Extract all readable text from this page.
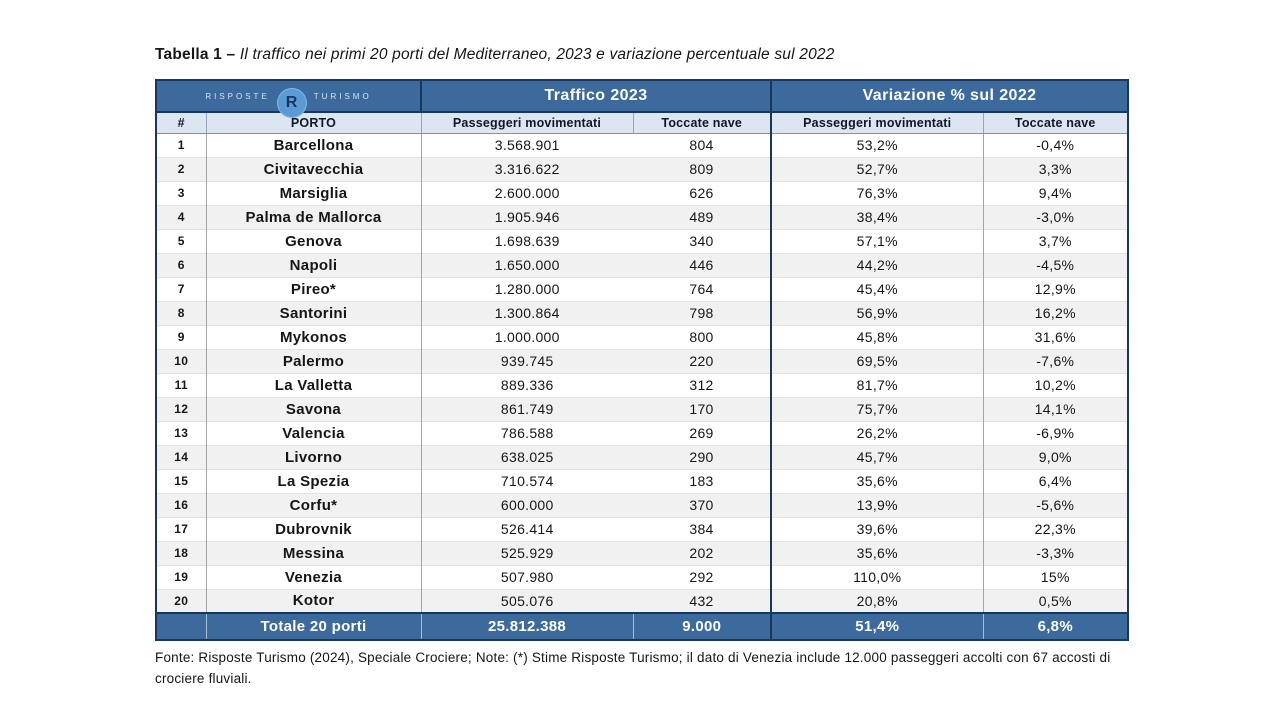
Tabella 1 – Il traffico nei primi 20 porti del Mediterraneo, 2023 e variazione percentuale sul 2022
RISPOSTE R TURISMO		Traffico 2023		Variazione % sul 2022	
#	PORTO	Passeggeri movimentati	Toccate nave	Passeggeri movimentati	Toccate nave
1	Barcellona	3.568.901	804	53,2%	-0,4%
2	Civitavecchia	3.316.622	809	52,7%	3,3%
3	Marsiglia	2.600.000	626	76,3%	9,4%
4	Palma de Mallorca	1.905.946	489	38,4%	-3,0%
5	Genova	1.698.639	340	57,1%	3,7%
6	Napoli	1.650.000	446	44,2%	-4,5%
7	Pireo*	1.280.000	764	45,4%	12,9%
8	Santorini	1.300.864	798	56,9%	16,2%
9	Mykonos	1.000.000	800	45,8%	31,6%
10	Palermo	939.745	220	69,5%	-7,6%
11	La Valletta	889.336	312	81,7%	10,2%
12	Savona	861.749	170	75,7%	14,1%
13	Valencia	786.588	269	26,2%	-6,9%
14	Livorno	638.025	290	45,7%	9,0%
15	La Spezia	710.574	183	35,6%	6,4%
16	Corfu*	600.000	370	13,9%	-5,6%
17	Dubrovnik	526.414	384	39,6%	22,3%
18	Messina	525.929	202	35,6%	-3,3%
19	Venezia	507.980	292	110,0%	15%
20	Kotor	505.076	432	20,8%	0,5%
	Totale 20 porti	25.812.388	9.000	51,4%	6,8%
Fonte: Risposte Turismo (2024), Speciale Crociere; Note: (*) Stime Risposte Turismo; il dato di Venezia include 12.000 passeggeri accolti con 67 accosti di crociere fluviali.
